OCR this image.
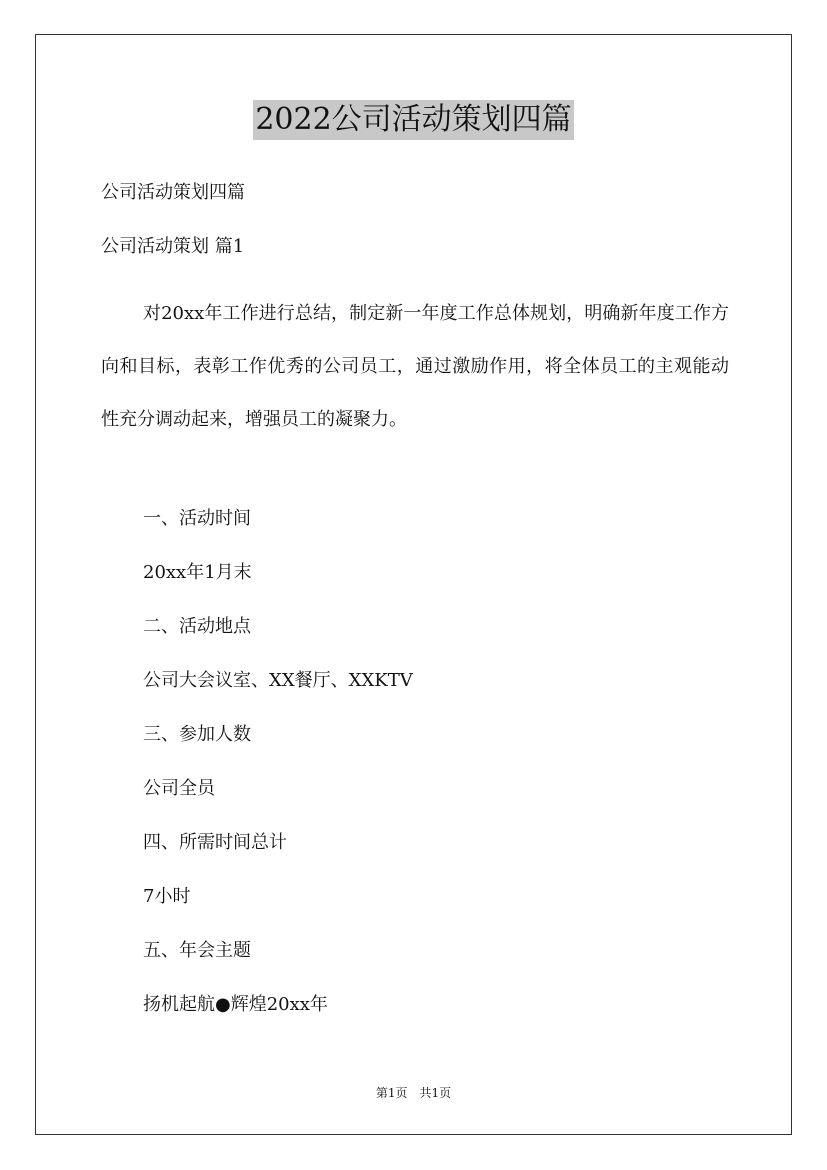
2022公司活动策划四篇
公司活动策划四篇
公司活动策划 篇1
对20xx年工作进行总结，制定新一年度工作总体规划，明确新年度工作方向和目标，表彰工作优秀的公司员工，通过激励作用，将全体员工的主观能动性充分调动起来，增强员工的凝聚力。
一、活动时间
20xx年1月末
二、活动地点
公司大会议室、XX餐厅、XXKTV
三、参加人数
公司全员
四、所需时间总计
7小时
五、年会主题
扬机起航●辉煌20xx年
第1页 共1页
